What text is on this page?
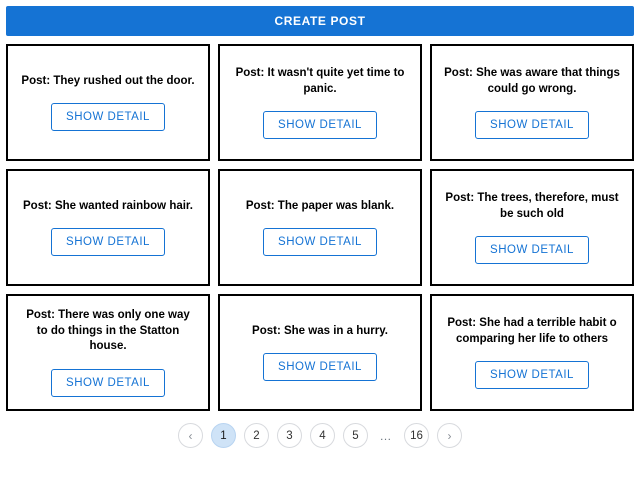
CREATE POST
Post: They rushed out the door.
SHOW DETAIL
Post: It wasn't quite yet time to panic.
SHOW DETAIL
Post: She was aware that things could go wrong.
SHOW DETAIL
Post: She wanted rainbow hair.
SHOW DETAIL
Post: The paper was blank.
SHOW DETAIL
Post: The trees, therefore, must be such old
SHOW DETAIL
Post: There was only one way to do things in the Statton house.
SHOW DETAIL
Post: She was in a hurry.
SHOW DETAIL
Post: She had a terrible habit o comparing her life to others
SHOW DETAIL
‹	1	2	3	4	5	…	16	›
